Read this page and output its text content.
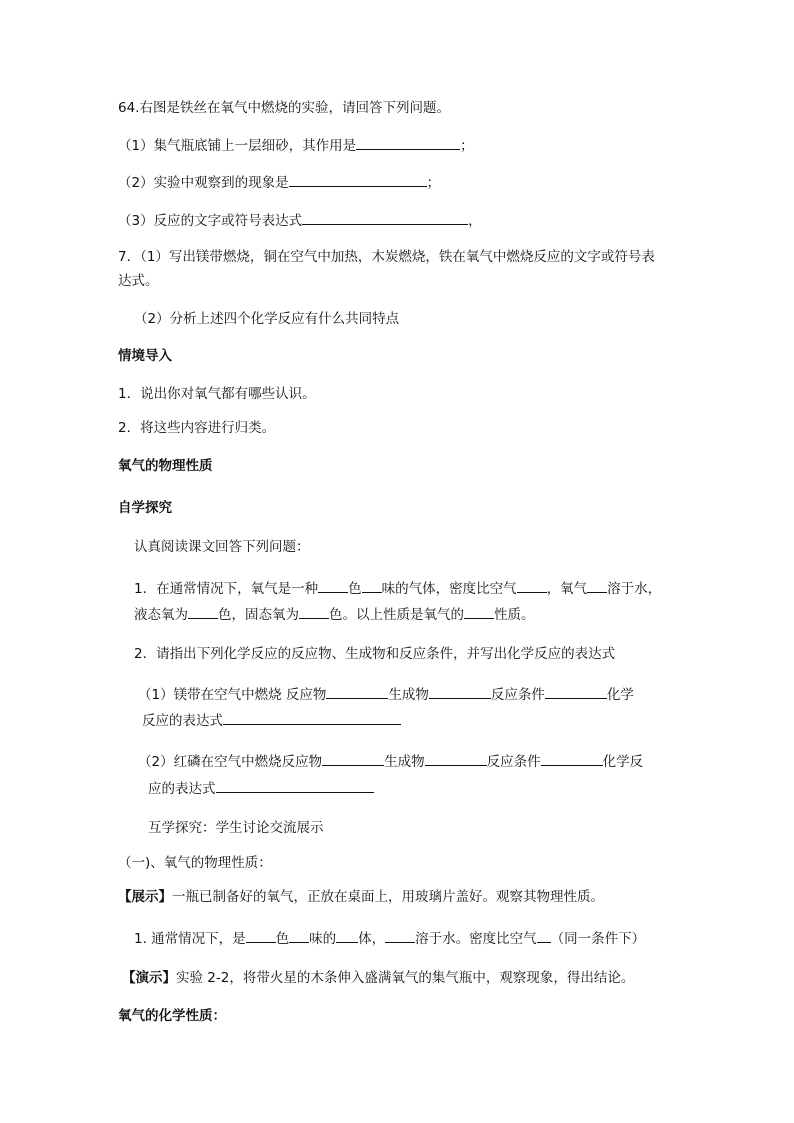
64.右图是铁丝在氧气中燃烧的实验，请回答下列问题。
（1）集气瓶底铺上一层细砂，其作用是	；
（2）实验中观察到的现象是	；
（3）反应的文字或符号表达式	，
7．（1）写出镁带燃烧，铜在空气中加热，木炭燃烧，铁在氧气中燃烧反应的文字或符号表
达式。
（2）分析上述四个化学反应有什么共同特点
情境导入
1．说出你对氧气都有哪些认识。
2．将这些内容进行归类。
氧气的物理性质
自学探究
认真阅读课文回答下列问题：
1．在通常情况下，氧气是一种 色 味的气体，密度比空气 ，氧气 溶于水，
液态氧为 色，固态氧为 色。以上性质是氧气的 性质。
2．请指出下列化学反应的反应物、生成物和反应条件，并写出化学反应的表达式
（1）镁带在空气中燃烧 反应物	生成物	反应条件	化学
反应的表达式
（2）红磷在空气中燃烧反应物	生成物	反应条件	化学反
应的表达式
互学探究：学生讨论交流展示
（一)、氧气的物理性质：
【展示】一瓶已制备好的氧气，正放在桌面上，用玻璃片盖好。观察其物理性质。
1. 通常情况下，是 色 味的 体， 溶于水。密度比空气 （同一条件下）
【演示】实验 2-2，将带火星的木条伸入盛满氧气的集气瓶中，观察现象，得出结论。
氧气的化学性质：
